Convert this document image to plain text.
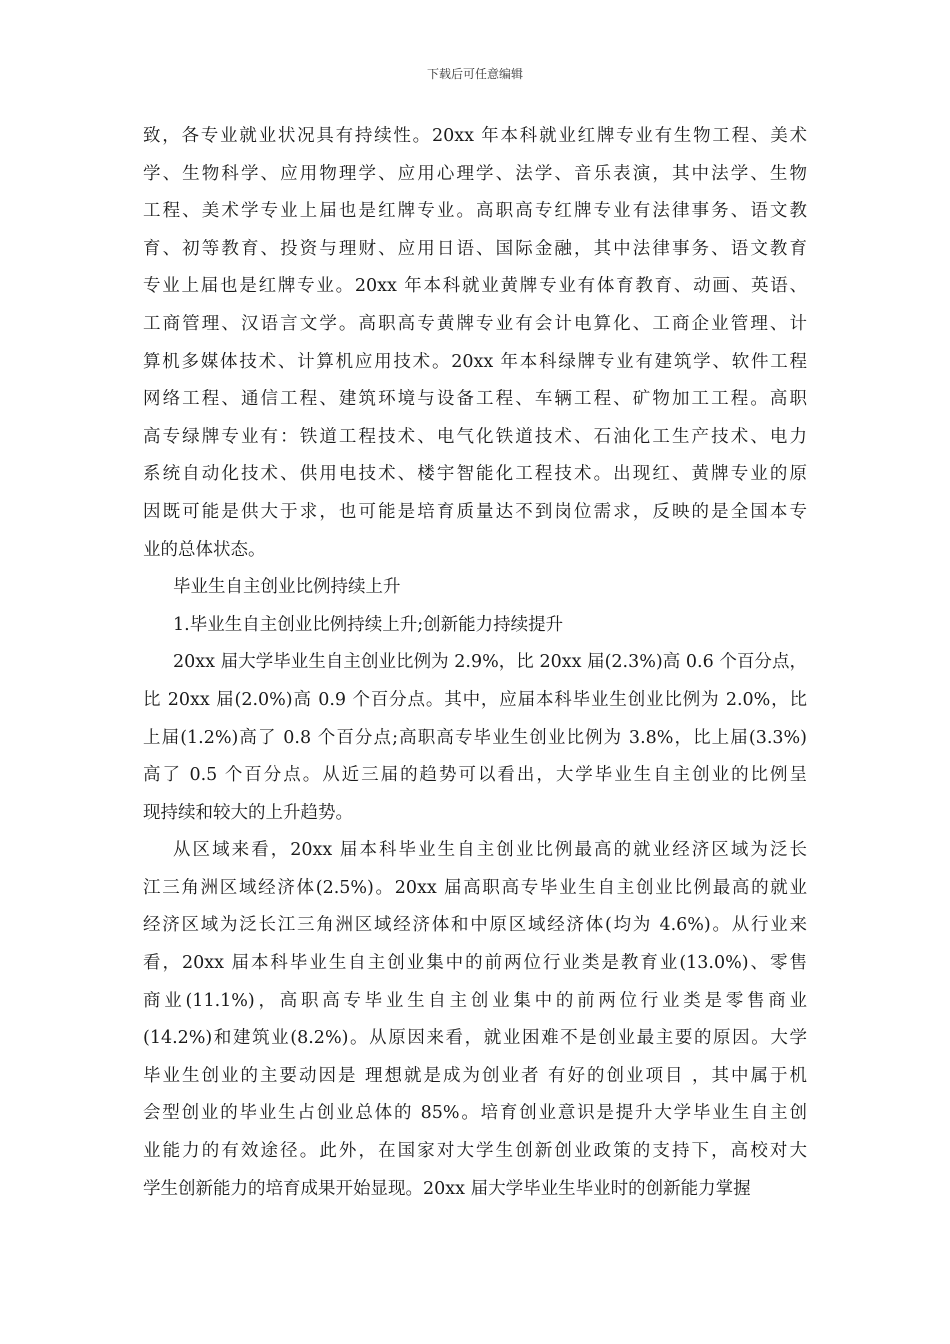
下载后可任意编辑
致，各专业就业状况具有持续性。20xx 年本科就业红牌专业有生物工程、美术
学、生物科学、应用物理学、应用心理学、法学、音乐表演，其中法学、生物
工程、美术学专业上届也是红牌专业。高职高专红牌专业有法律事务、语文教
育、初等教育、投资与理财、应用日语、国际金融，其中法律事务、语文教育
专业上届也是红牌专业。20xx 年本科就业黄牌专业有体育教育、动画、英语、
工商管理、汉语言文学。高职高专黄牌专业有会计电算化、工商企业管理、计
算机多媒体技术、计算机应用技术。20xx 年本科绿牌专业有建筑学、软件工程
网络工程、通信工程、建筑环境与设备工程、车辆工程、矿物加工工程。高职
高专绿牌专业有：铁道工程技术、电气化铁道技术、石油化工生产技术、电力
系统自动化技术、供用电技术、楼宇智能化工程技术。出现红、黄牌专业的原
因既可能是供大于求，也可能是培育质量达不到岗位需求，反映的是全国本专
业的总体状态。
毕业生自主创业比例持续上升
1.毕业生自主创业比例持续上升;创新能力持续提升
20xx 届大学毕业生自主创业比例为 2.9%，比 20xx 届(2.3%)高 0.6 个百分点，
比 20xx 届(2.0%)高 0.9 个百分点。其中，应届本科毕业生创业比例为 2.0%，比
上届(1.2%)高了 0.8 个百分点;高职高专毕业生创业比例为 3.8%，比上届(3.3%)
高了 0.5 个百分点。从近三届的趋势可以看出，大学毕业生自主创业的比例呈
现持续和较大的上升趋势。
从区域来看，20xx 届本科毕业生自主创业比例最高的就业经济区域为泛长
江三角洲区域经济体(2.5%)。20xx 届高职高专毕业生自主创业比例最高的就业
经济区域为泛长江三角洲区域经济体和中原区域经济体(均为 4.6%)。从行业来
看，20xx 届本科毕业生自主创业集中的前两位行业类是教育业(13.0%)、零售
商业(11.1%)，高职高专毕业生自主创业集中的前两位行业类是零售商业
(14.2%)和建筑业(8.2%)。从原因来看，就业困难不是创业最主要的原因。大学
毕业生创业的主要动因是 理想就是成为创业者 有好的创业项目 ，其中属于机
会型创业的毕业生占创业总体的 85%。培育创业意识是提升大学毕业生自主创
业能力的有效途径。此外，在国家对大学生创新创业政策的支持下，高校对大
学生创新能力的培育成果开始显现。20xx 届大学毕业生毕业时的创新能力掌握
